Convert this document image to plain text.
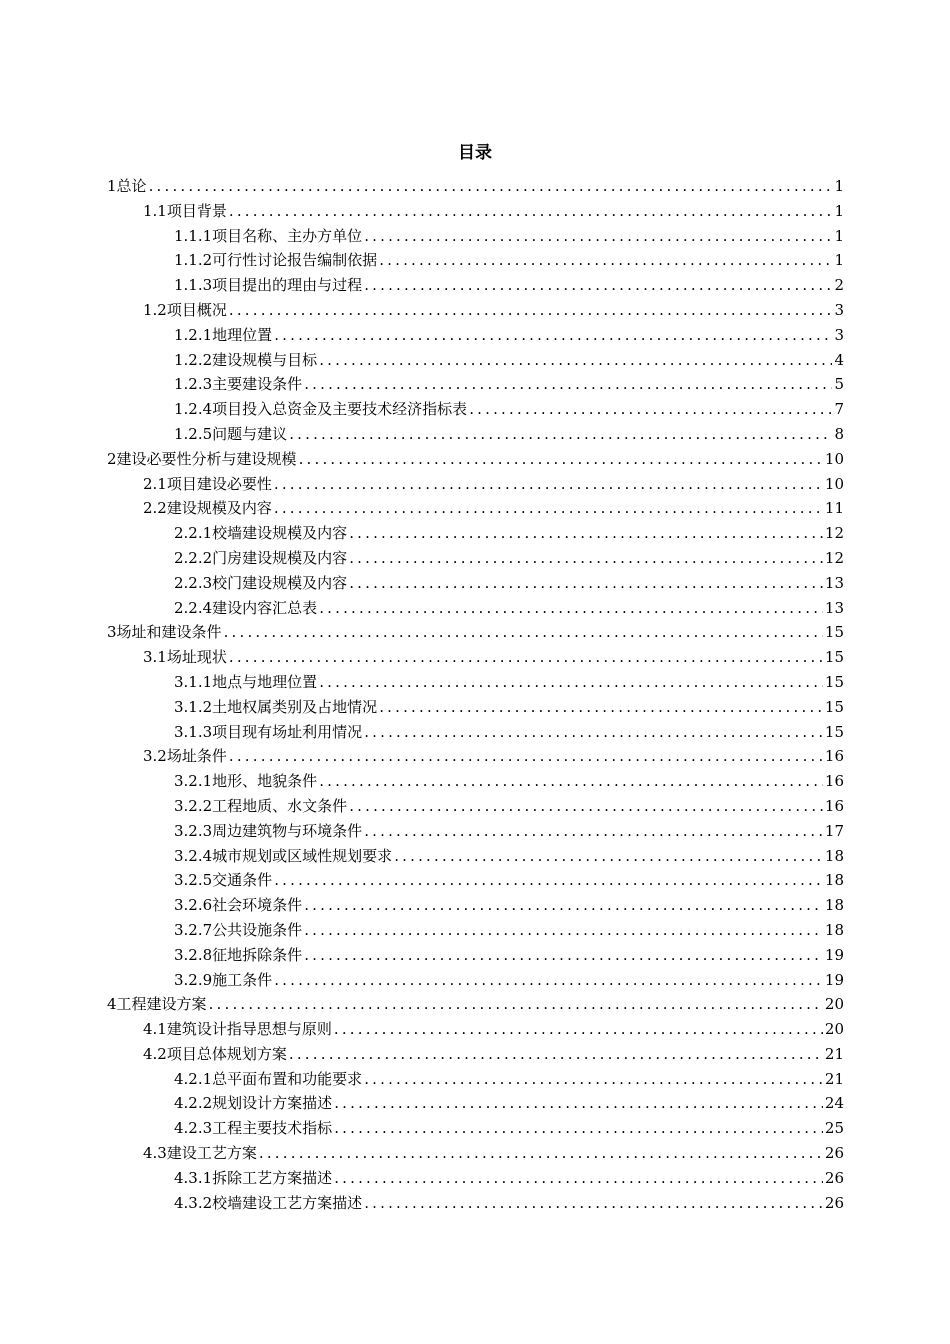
目录
1 总论 .....	1
1.1 项目背景 .....	1
1.1.1 项目名称、主办方单位 .....	1
1.1.2 可行性讨论报告编制依据 .....	1
1.1.3 项目提出的理由与过程 .....	2
1.2 项目概况 .....	3
1.2.1 地理位置 .....	3
1.2.2 建设规模与目标 .....	4
1.2.3 主要建设条件 .....	5
1.2.4 项目投入总资金及主要技术经济指标表 .....	7
1.2.5 问题与建议 .....	8
2 建设必要性分析与建设规模 .....	10
2.1 项目建设必要性 .....	10
2.2 建设规模及内容 .....	11
2.2.1 校墙建设规模及内容 .....	12
2.2.2 门房建设规模及内容 .....	12
2.2.3 校门建设规模及内容 .....	13
2.2.4 建设内容汇总表 .....	13
3 场址和建设条件 .....	15
3.1 场址现状 .....	15
3.1.1 地点与地理位置 .....	15
3.1.2 土地权属类别及占地情况 .....	15
3.1.3 项目现有场址利用情况 .....	15
3.2 场址条件 .....	16
3.2.1 地形、地貌条件 .....	16
3.2.2 工程地质、水文条件 .....	16
3.2.3 周边建筑物与环境条件 .....	17
3.2.4 城市规划或区域性规划要求 .....	18
3.2.5 交通条件 .....	18
3.2.6 社会环境条件 .....	18
3.2.7 公共设施条件 .....	18
3.2.8 征地拆除条件 .....	19
3.2.9 施工条件 .....	19
4 工程建设方案 .....	20
4.1 建筑设计指导思想与原则 .....	20
4.2 项目总体规划方案 .....	21
4.2.1 总平面布置和功能要求 .....	21
4.2.2 规划设计方案描述 .....	24
4.2.3 工程主要技术指标 .....	25
4.3 建设工艺方案 .....	26
4.3.1 拆除工艺方案描述 .....	26
4.3.2 校墙建设工艺方案描述 .....	26
